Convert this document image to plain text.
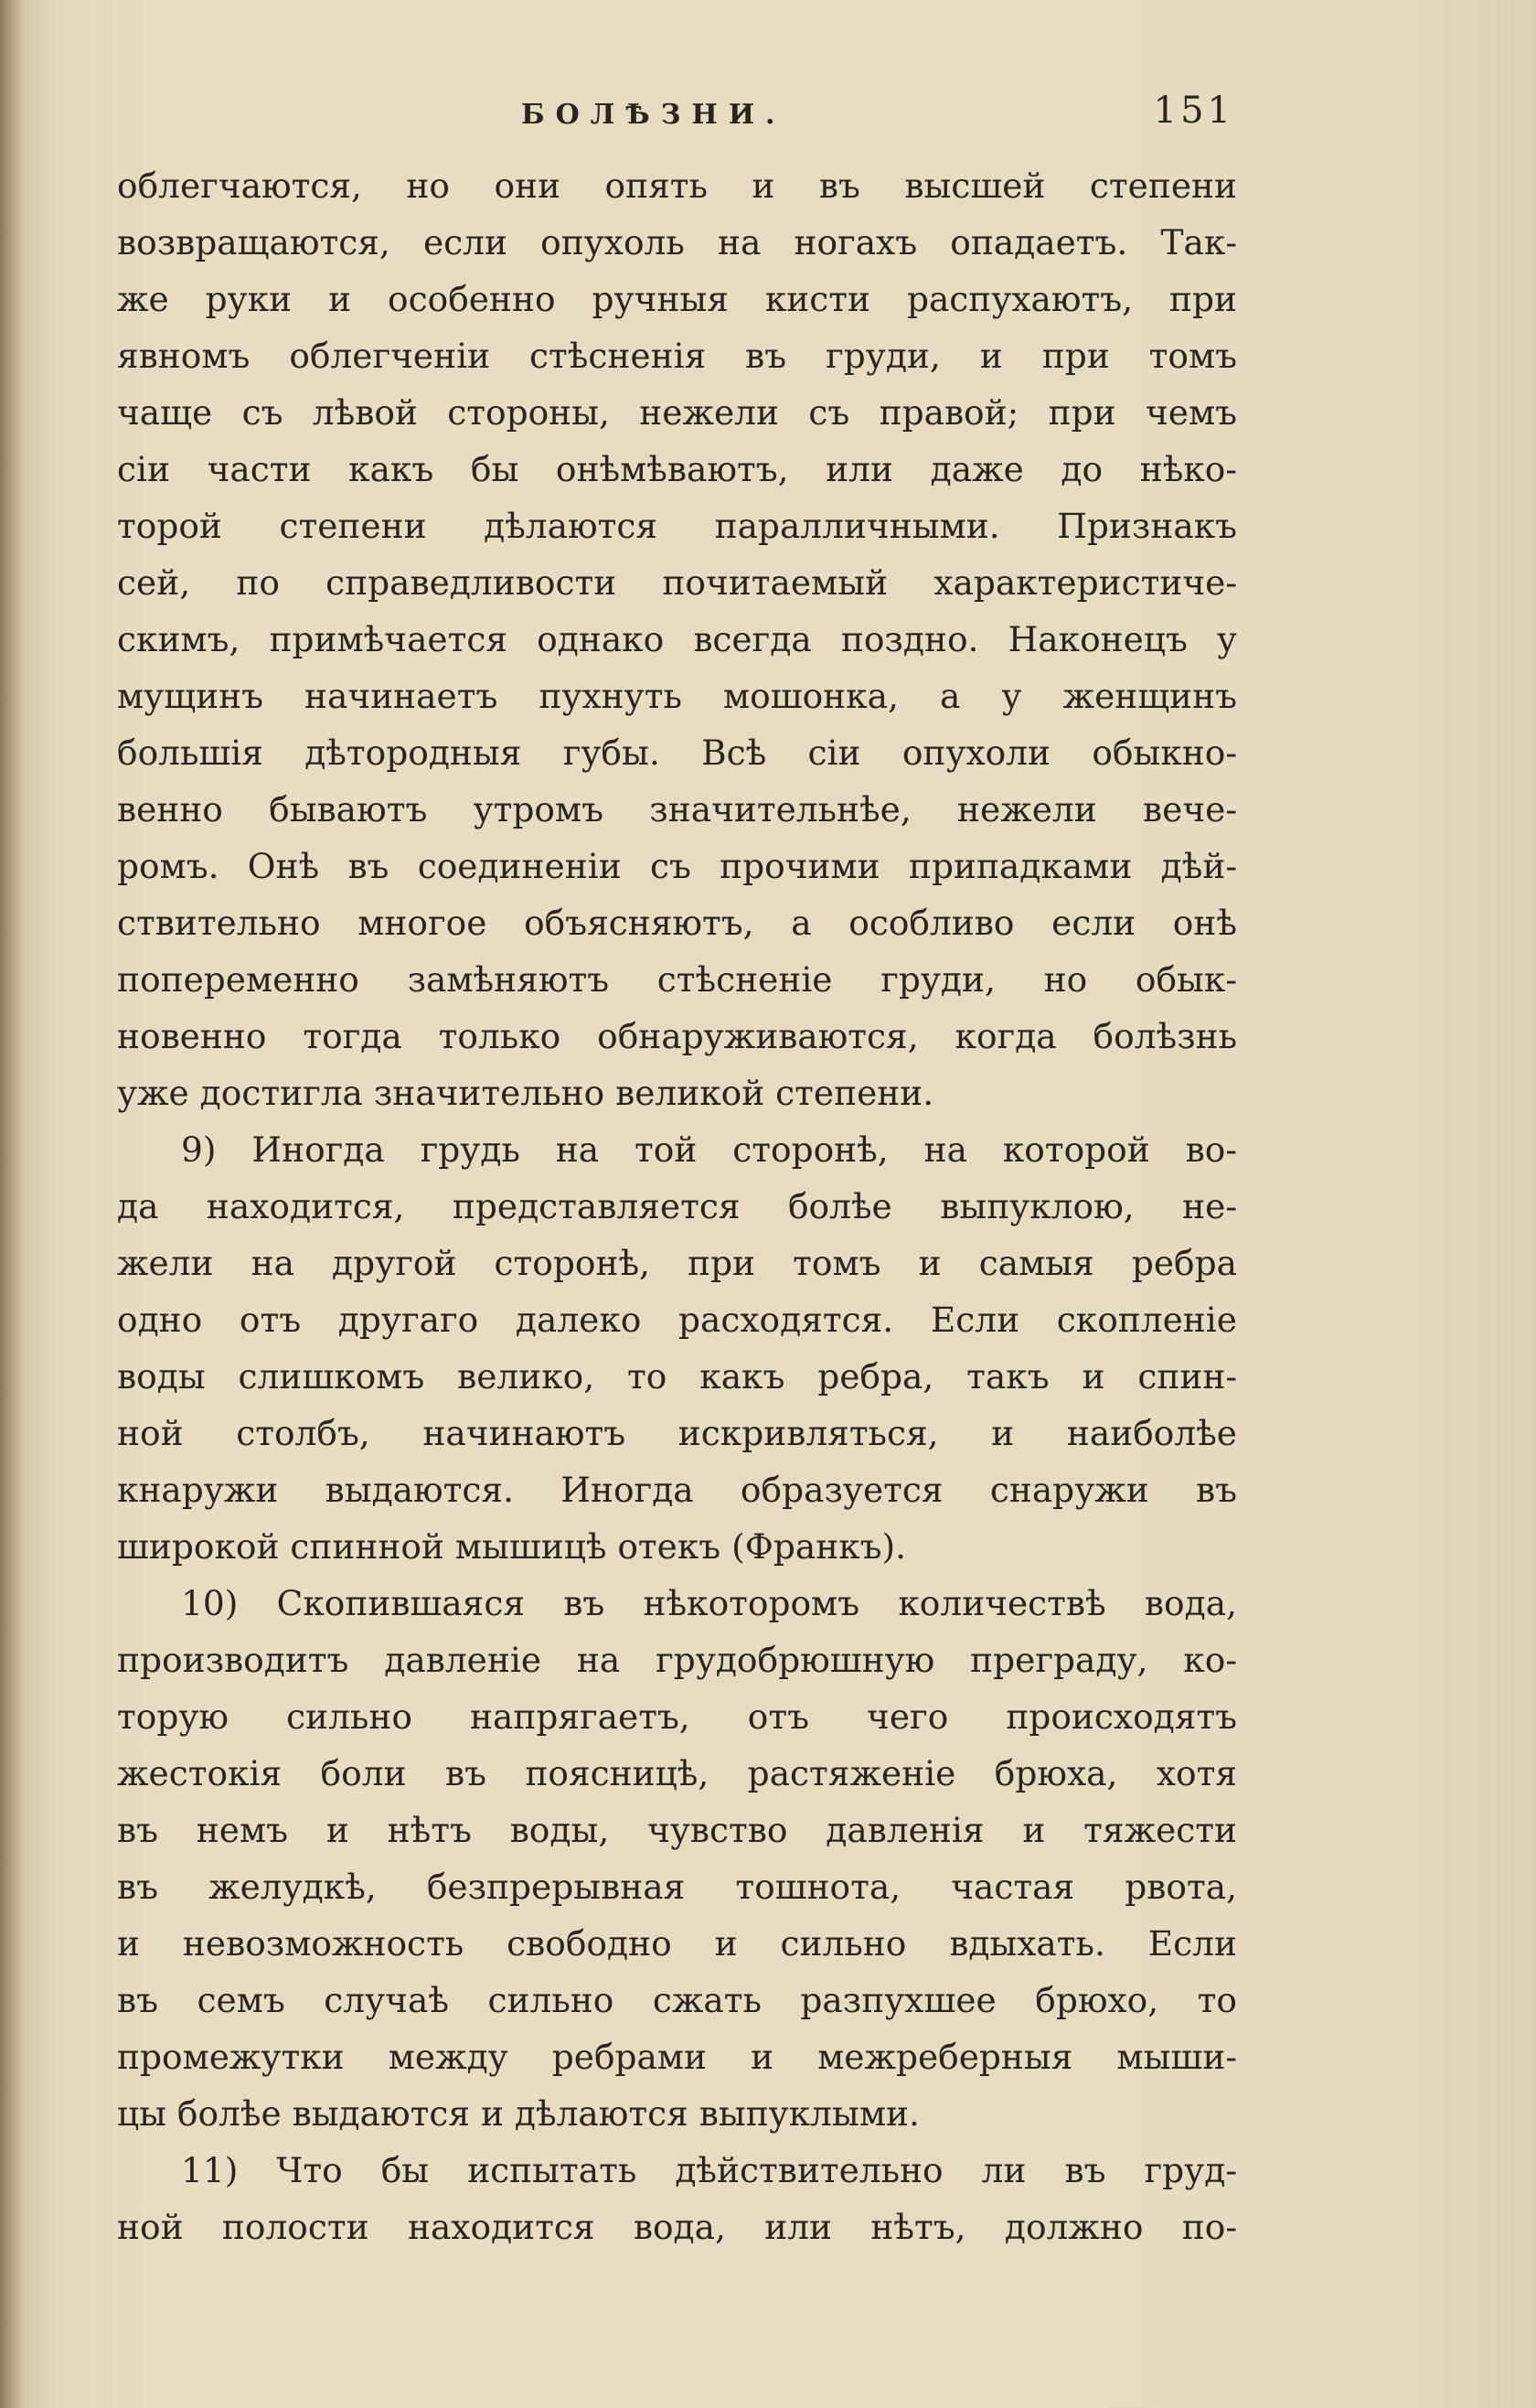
БОЛѢЗНИ.	151
облегчаются, но они опять и въ высшей степени
возвращаются, если опухоль на ногахъ опадаетъ. Так-
же руки и особенно ручныя кисти распухаютъ, при
явномъ облегченіи стѣсненія въ груди, и при томъ
чаще съ лѣвой стороны, нежели съ правой; при чемъ
сіи части какъ бы онѣмѣваютъ, или даже до нѣко-
торой степени дѣлаются паралличными. Признакъ
сей, по справедливости почитаемый характеристиче-
скимъ, примѣчается однако всегда поздно. Наконецъ у
мущинъ начинаетъ пухнуть мошонка, а у женщинъ
большія дѣтородныя губы. Всѣ сіи опухоли обыкно-
венно бываютъ утромъ значительнѣе, нежели вече-
ромъ. Онѣ въ соединеніи съ прочими припадками дѣй-
ствительно многое объясняютъ, а особливо если онѣ
попеременно замѣняютъ стѣсненіе груди, но обык-
новенно тогда только обнаруживаются, когда болѣзнь
уже достигла значительно великой степени.
9) Иногда грудь на той сторонѣ, на которой во-
да находится, представляется болѣе выпуклою, не-
жели на другой сторонѣ, при томъ и самыя ребра
одно отъ другаго далеко расходятся. Если скопленіе
воды слишкомъ велико, то какъ ребра, такъ и спин-
ной столбъ, начинаютъ искривляться, и наиболѣе
кнаружи выдаются. Иногда образуется снаружи въ
широкой спинной мышицѣ отекъ (Франкъ).
10) Скопившаяся въ нѣкоторомъ количествѣ вода,
производитъ давленіе на грудобрюшную преграду, ко-
торую сильно напрягаетъ, отъ чего происходятъ
жестокія боли въ поясницѣ, растяженіе брюха, хотя
въ немъ и нѣтъ воды, чувство давленія и тяжести
въ желудкѣ, безпрерывная тошнота, частая рвота,
и невозможность свободно и сильно вдыхать. Если
въ семъ случаѣ сильно сжать разпухшее брюхо, то
промежутки между ребрами и межреберныя мыши-
цы болѣе выдаются и дѣлаются выпуклыми.
11) Что бы испытать дѣйствительно ли въ груд-
ной полости находится вода, или нѣтъ, должно по-
